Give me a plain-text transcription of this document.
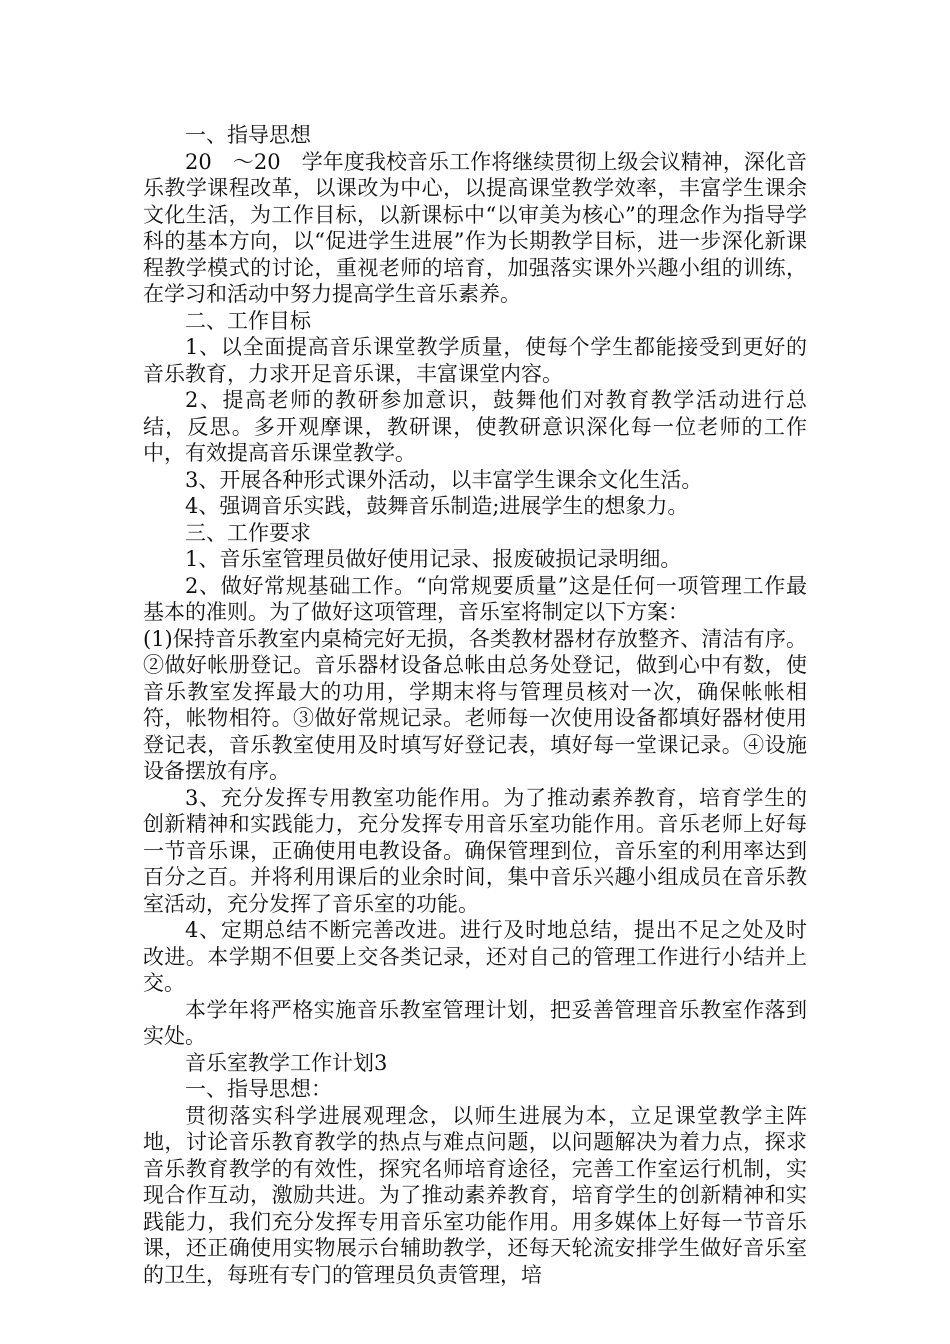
一、指导思想

20　～20　学年度我校音乐工作将继续贯彻上级会议精神，深化音乐教学课程改革，以课改为中心，以提高课堂教学效率，丰富学生课余文化生活，为工作目标，以新课标中“以审美为核心”的理念作为指导学科的基本方向，以“促进学生进展”作为长期教学目标，进一步深化新课程教学模式的讨论，重视老师的培育，加强落实课外兴趣小组的训练，在学习和活动中努力提高学生音乐素养。

二、工作目标

1、以全面提高音乐课堂教学质量，使每个学生都能接受到更好的音乐教育，力求开足音乐课，丰富课堂内容。

2、提高老师的教研参加意识，鼓舞他们对教育教学活动进行总结，反思。多开观摩课，教研课，使教研意识深化每一位老师的工作中，有效提高音乐课堂教学。

3、开展各种形式课外活动，以丰富学生课余文化生活。

4、强调音乐实践，鼓舞音乐制造;进展学生的想象力。

三、工作要求

1、音乐室管理员做好使用记录、报废破损记录明细。

2、做好常规基础工作。“向常规要质量”这是任何一项管理工作最基本的准则。为了做好这项管理，音乐室将制定以下方案：

(1)保持音乐教室内桌椅完好无损，各类教材器材存放整齐、清洁有序。②做好帐册登记。音乐器材设备总帐由总务处登记，做到心中有数，使音乐教室发挥最大的功用，学期末将与管理员核对一次，确保帐帐相符，帐物相符。③做好常规记录。老师每一次使用设备都填好器材使用登记表，音乐教室使用及时填写好登记表，填好每一堂课记录。④设施设备摆放有序。

3、充分发挥专用教室功能作用。为了推动素养教育，培育学生的创新精神和实践能力，充分发挥专用音乐室功能作用。音乐老师上好每一节音乐课，正确使用电教设备。确保管理到位，音乐室的利用率达到百分之百。并将利用课后的业余时间，集中音乐兴趣小组成员在音乐教室活动，充分发挥了音乐室的功能。

4、定期总结不断完善改进。进行及时地总结，提出不足之处及时改进。本学期不但要上交各类记录，还对自己的管理工作进行小结并上交。

本学年将严格实施音乐教室管理计划，把妥善管理音乐教室作落到实处。

音乐室教学工作计划3

一、指导思想：

贯彻落实科学进展观理念，以师生进展为本，立足课堂教学主阵地，讨论音乐教育教学的热点与难点问题，以问题解决为着力点，探求音乐教育教学的有效性，探究名师培育途径，完善工作室运行机制，实现合作互动，激励共进。为了推动素养教育，培育学生的创新精神和实践能力，我们充分发挥专用音乐室功能作用。用多媒体上好每一节音乐课，还正确使用实物展示台辅助教学，还每天轮流安排学生做好音乐室的卫生，每班有专门的管理员负责管理，培
